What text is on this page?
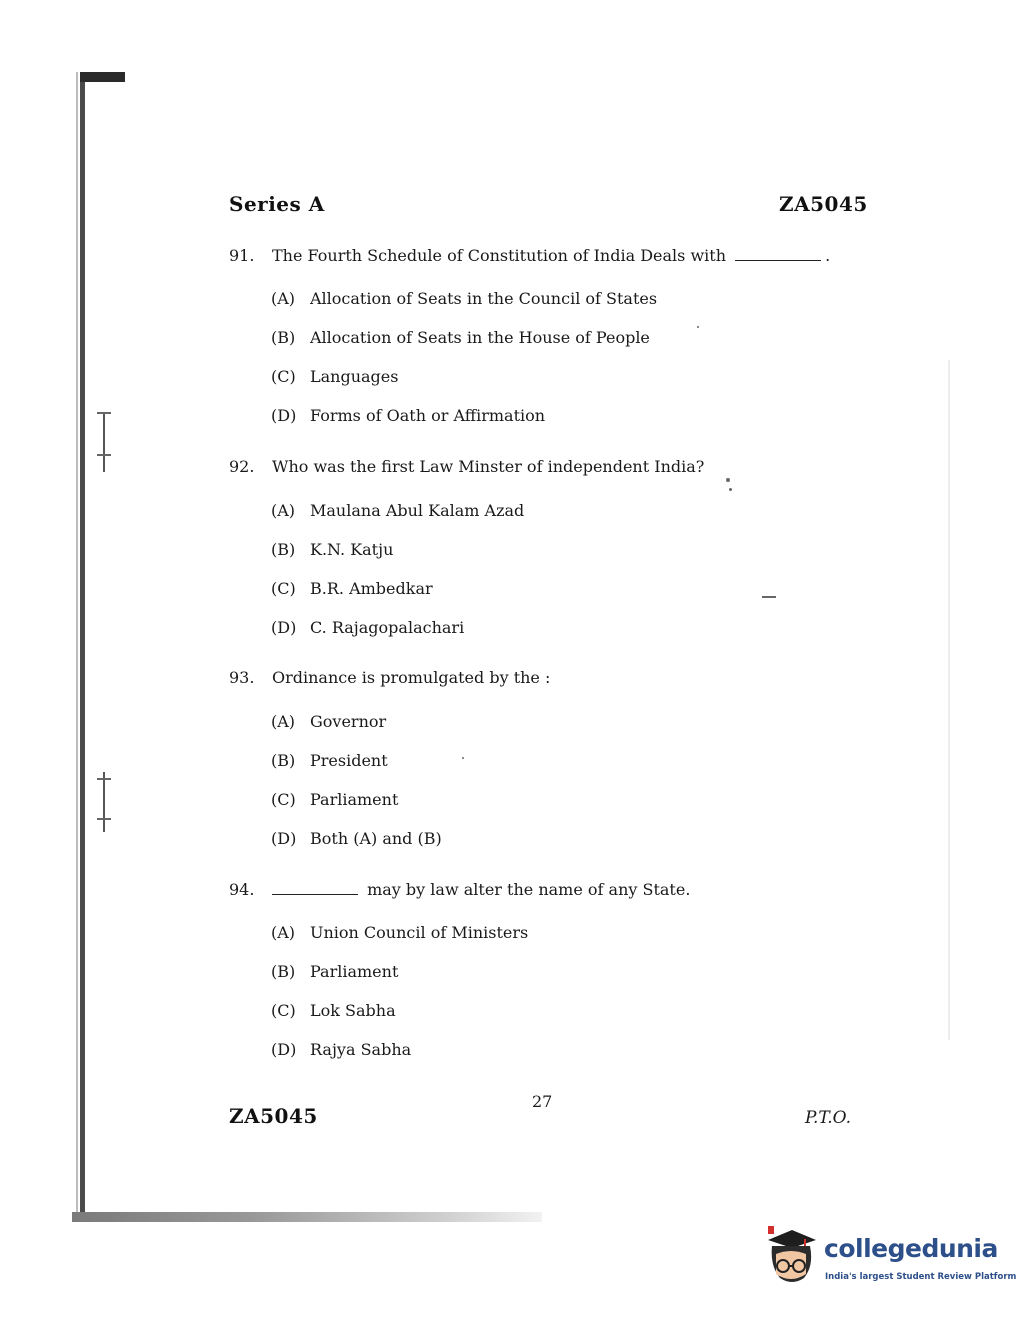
Series A	ZA5045
91. The Fourth Schedule of Constitution of India Deals with	.
(A) Allocation of Seats in the Council of States
(B) Allocation of Seats in the House of People
(C) Languages
(D) Forms of Oath or Affirmation
92. Who was the first Law Minster of independent India?
(A) Maulana Abul Kalam Azad
(B) K.N. Katju
(C) B.R. Ambedkar
(D) C. Rajagopalachari
93. Ordinance is promulgated by the :
(A) Governor
(B) President
(C) Parliament
(D) Both (A) and (B)
94.	may by law alter the name of any State.
(A) Union Council of Ministers
(B) Parliament
(C) Lok Sabha
(D) Rajya Sabha
ZA5045
27
P.T.O.
collegedunia
India's largest Student Review Platform
